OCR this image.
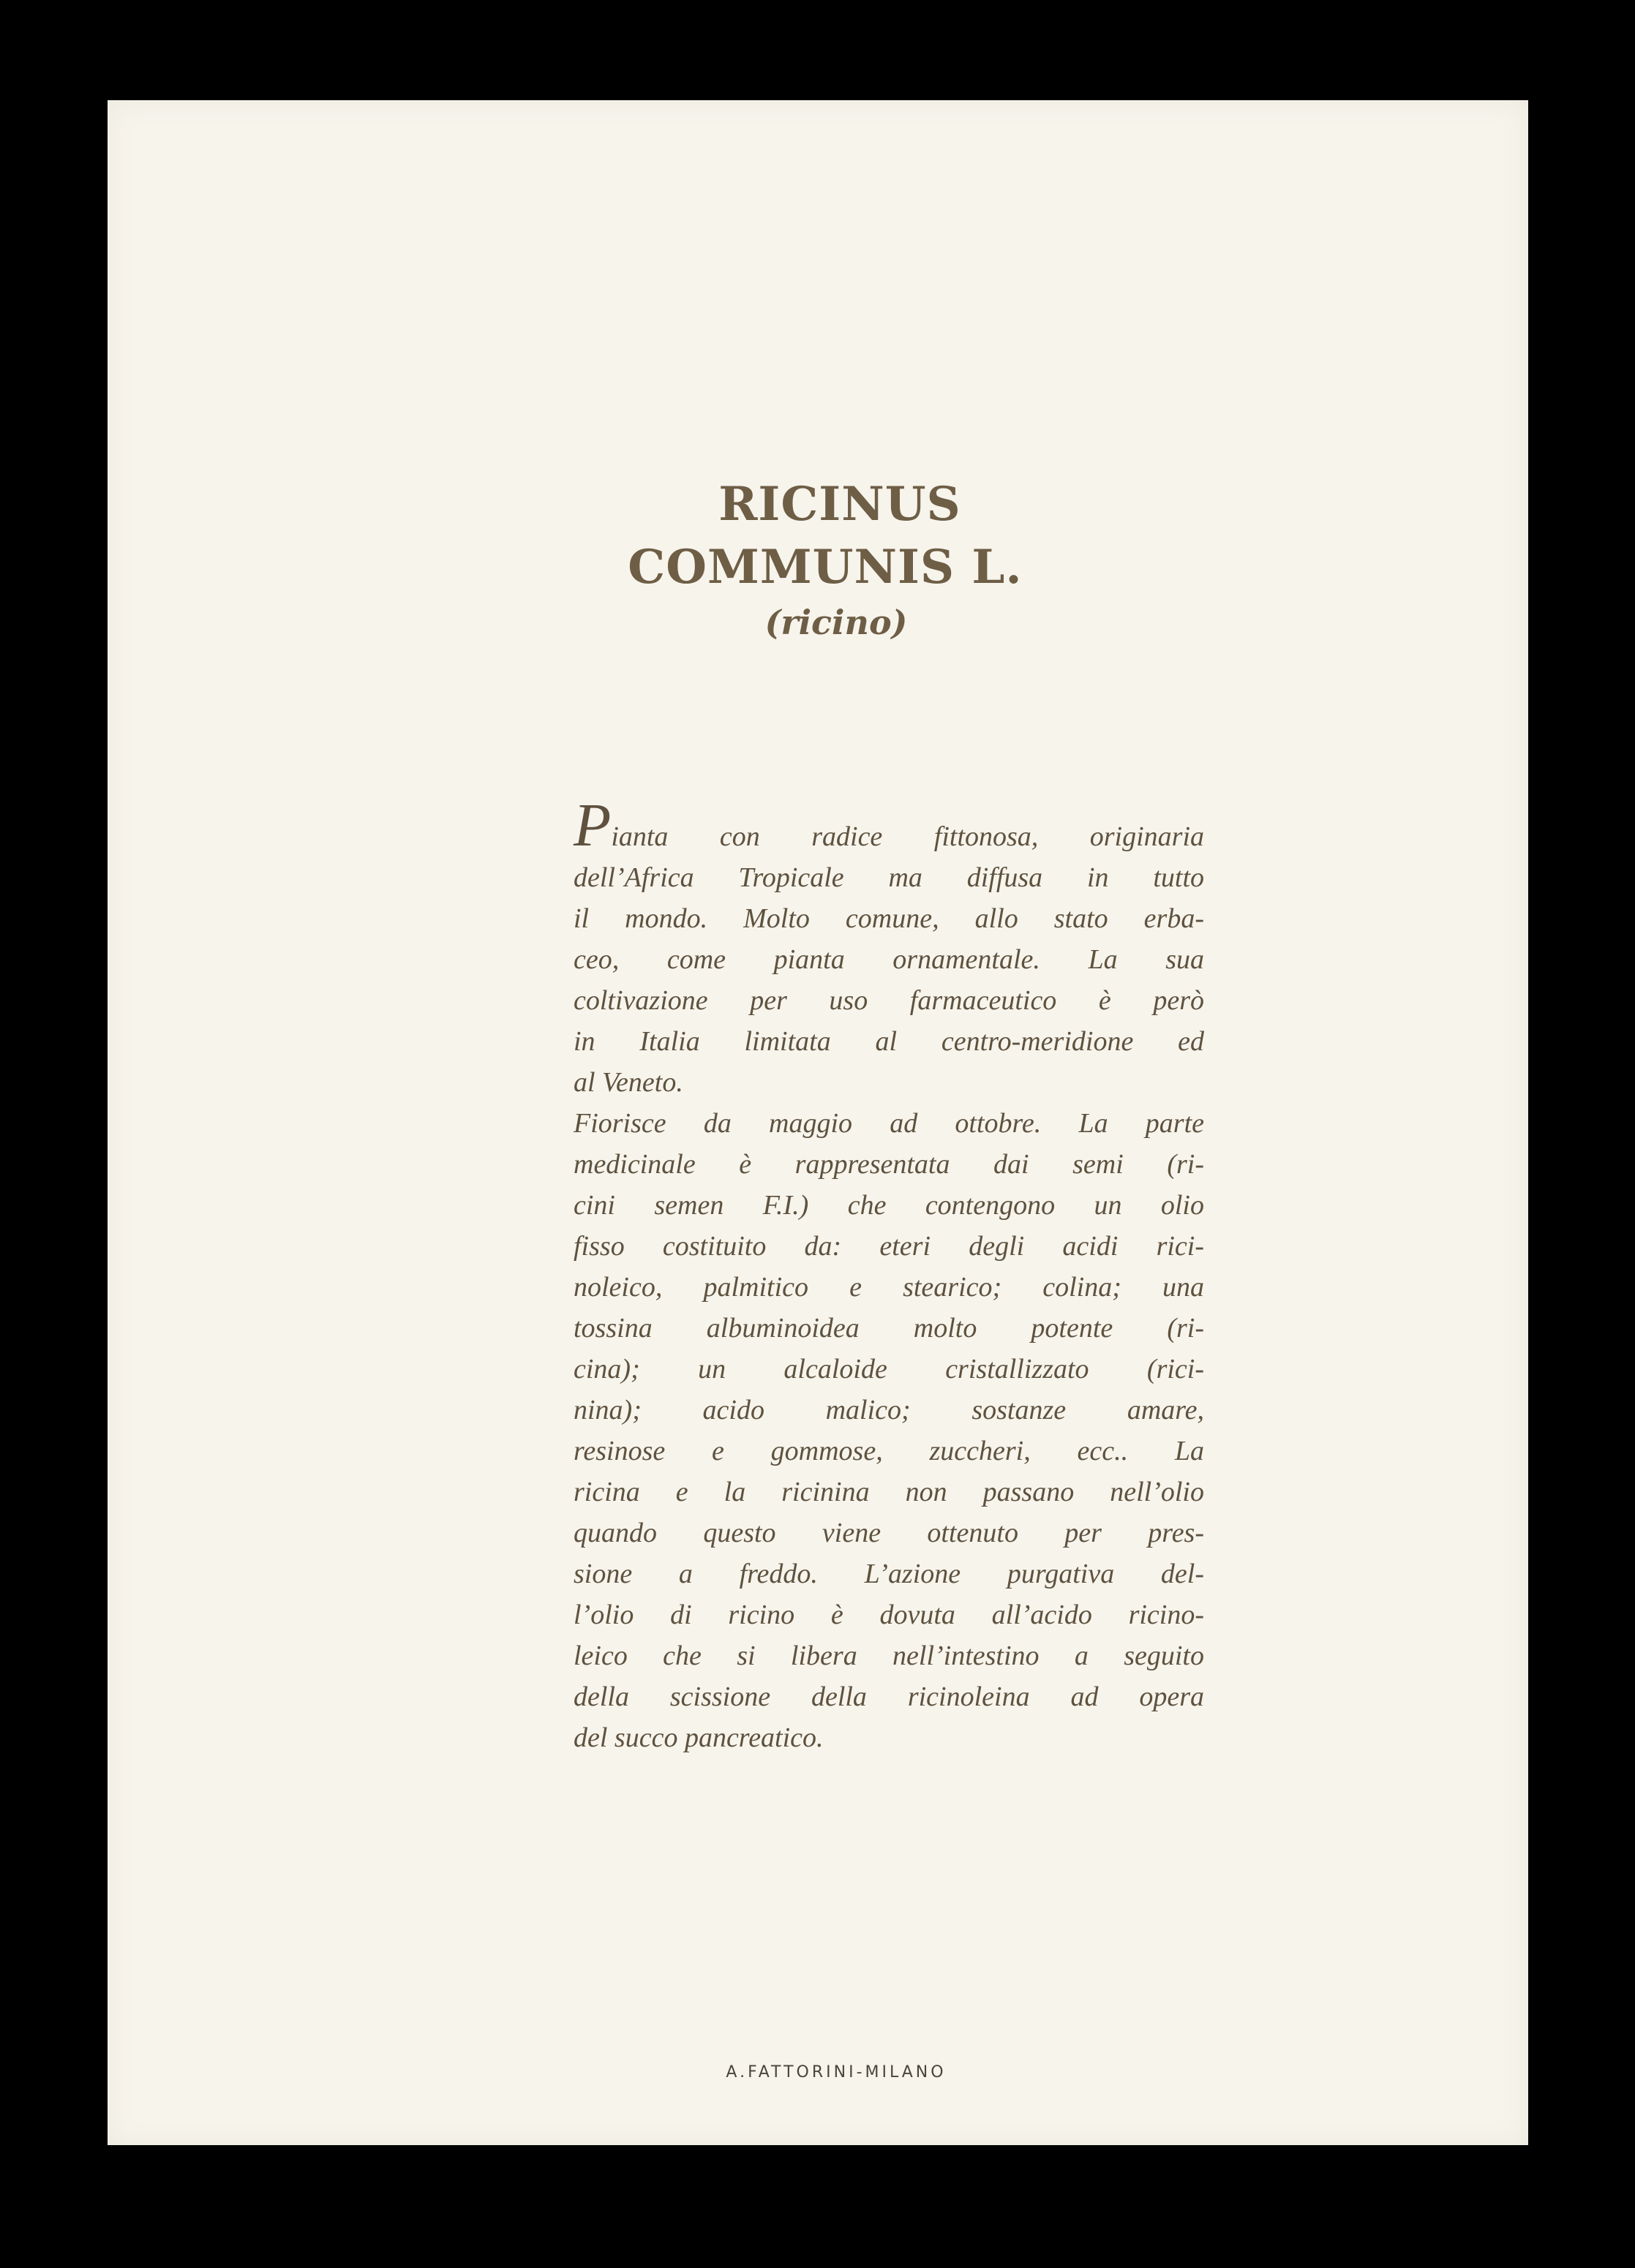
RICINUS
COMMUNIS L.
(ricino)
Pianta con radice fittonosa, originaria
dell’Africa Tropicale ma diffusa in tutto
il mondo. Molto comune, allo stato erba-
ceo, come pianta ornamentale. La sua
coltivazione per uso farmaceutico è però
in Italia limitata al centro-meridione ed
al Veneto.
Fiorisce da maggio ad ottobre. La parte
medicinale è rappresentata dai semi (ri-
cini semen F.I.) che contengono un olio
fisso costituito da: eteri degli acidi rici-
noleico, palmitico e stearico; colina; una
tossina albuminoidea molto potente (ri-
cina); un alcaloide cristallizzato (rici-
nina); acido malico; sostanze amare,
resinose e gommose, zuccheri, ecc.. La
ricina e la ricinina non passano nell’olio
quando questo viene ottenuto per pres-
sione a freddo. L’azione purgativa del-
l’olio di ricino è dovuta all’acido ricino-
leico che si libera nell’intestino a seguito
della scissione della ricinoleina ad opera
del succo pancreatico.
A.FATTORINI-MILANO
